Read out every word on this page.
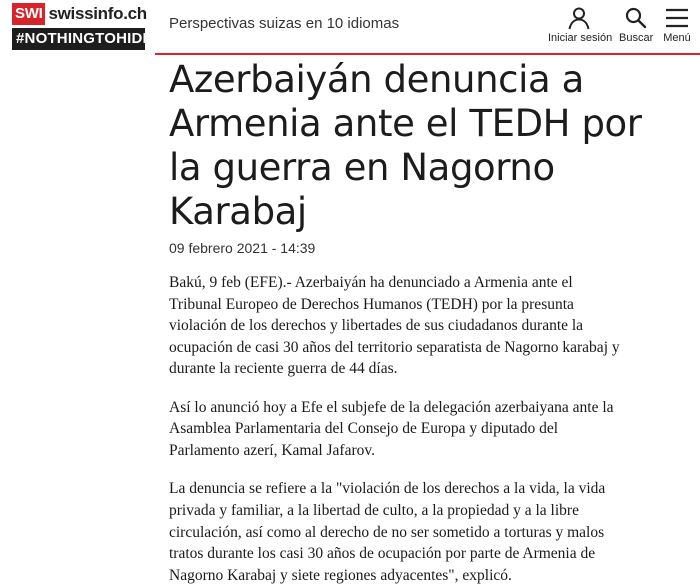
SWI swissinfo.ch
#NOTHINGTOHIDE
Perspectivas suizas en 10 idiomas
Iniciar sesión Buscar Menú
Azerbaiyán denuncia a Armenia ante el TEDH por la guerra en Nagorno Karabaj
09 febrero 2021 - 14:39

Bakú, 9 feb (EFE).- Azerbaiyán ha denunciado a Armenia ante el Tribunal Europeo de Derechos Humanos (TEDH) por la presunta violación de los derechos y libertades de sus ciudadanos durante la ocupación de casi 30 años del territorio separatista de Nagorno karabaj y durante la reciente guerra de 44 días.

Así lo anunció hoy a Efe el subjefe de la delegación azerbaiyana ante la Asamblea Parlamentaria del Consejo de Europa y diputado del Parlamento azerí, Kamal Jafarov.

La denuncia se refiere a la "violación de los derechos a la vida, la vida privada y familiar, a la libertad de culto, a la propiedad y a la libre circulación, así como al derecho de no ser sometido a torturas y malos tratos durante los casi 30 años de ocupación por parte de Armenia de Nagorno Karabaj y siete regiones adyacentes", explicó.
